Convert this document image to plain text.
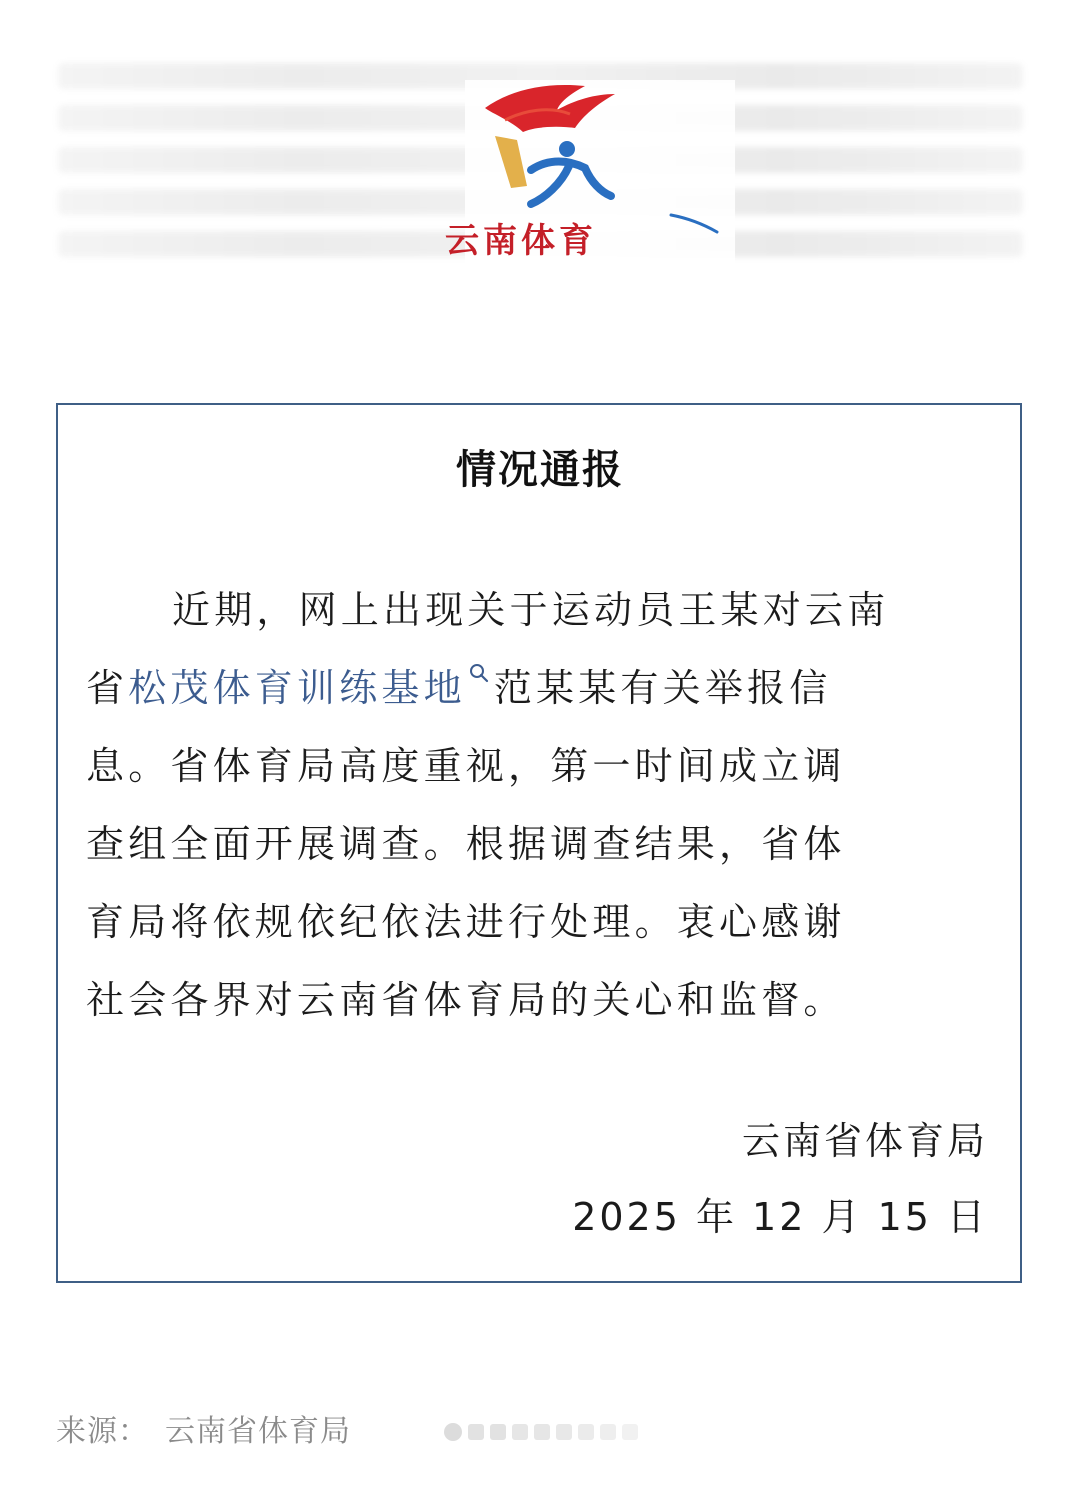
云南体育
情况通报
近期，网上出现关于运动员王某对云南
省松茂体育训练基地 范某某有关举报信
息。省体育局高度重视，第一时间成立调
查组全面开展调查。根据调查结果，省体
育局将依规依纪依法进行处理。衷心感谢
社会各界对云南省体育局的关心和监督。
云南省体育局
2025 年 12 月 15 日
来源： 云南省体育局
